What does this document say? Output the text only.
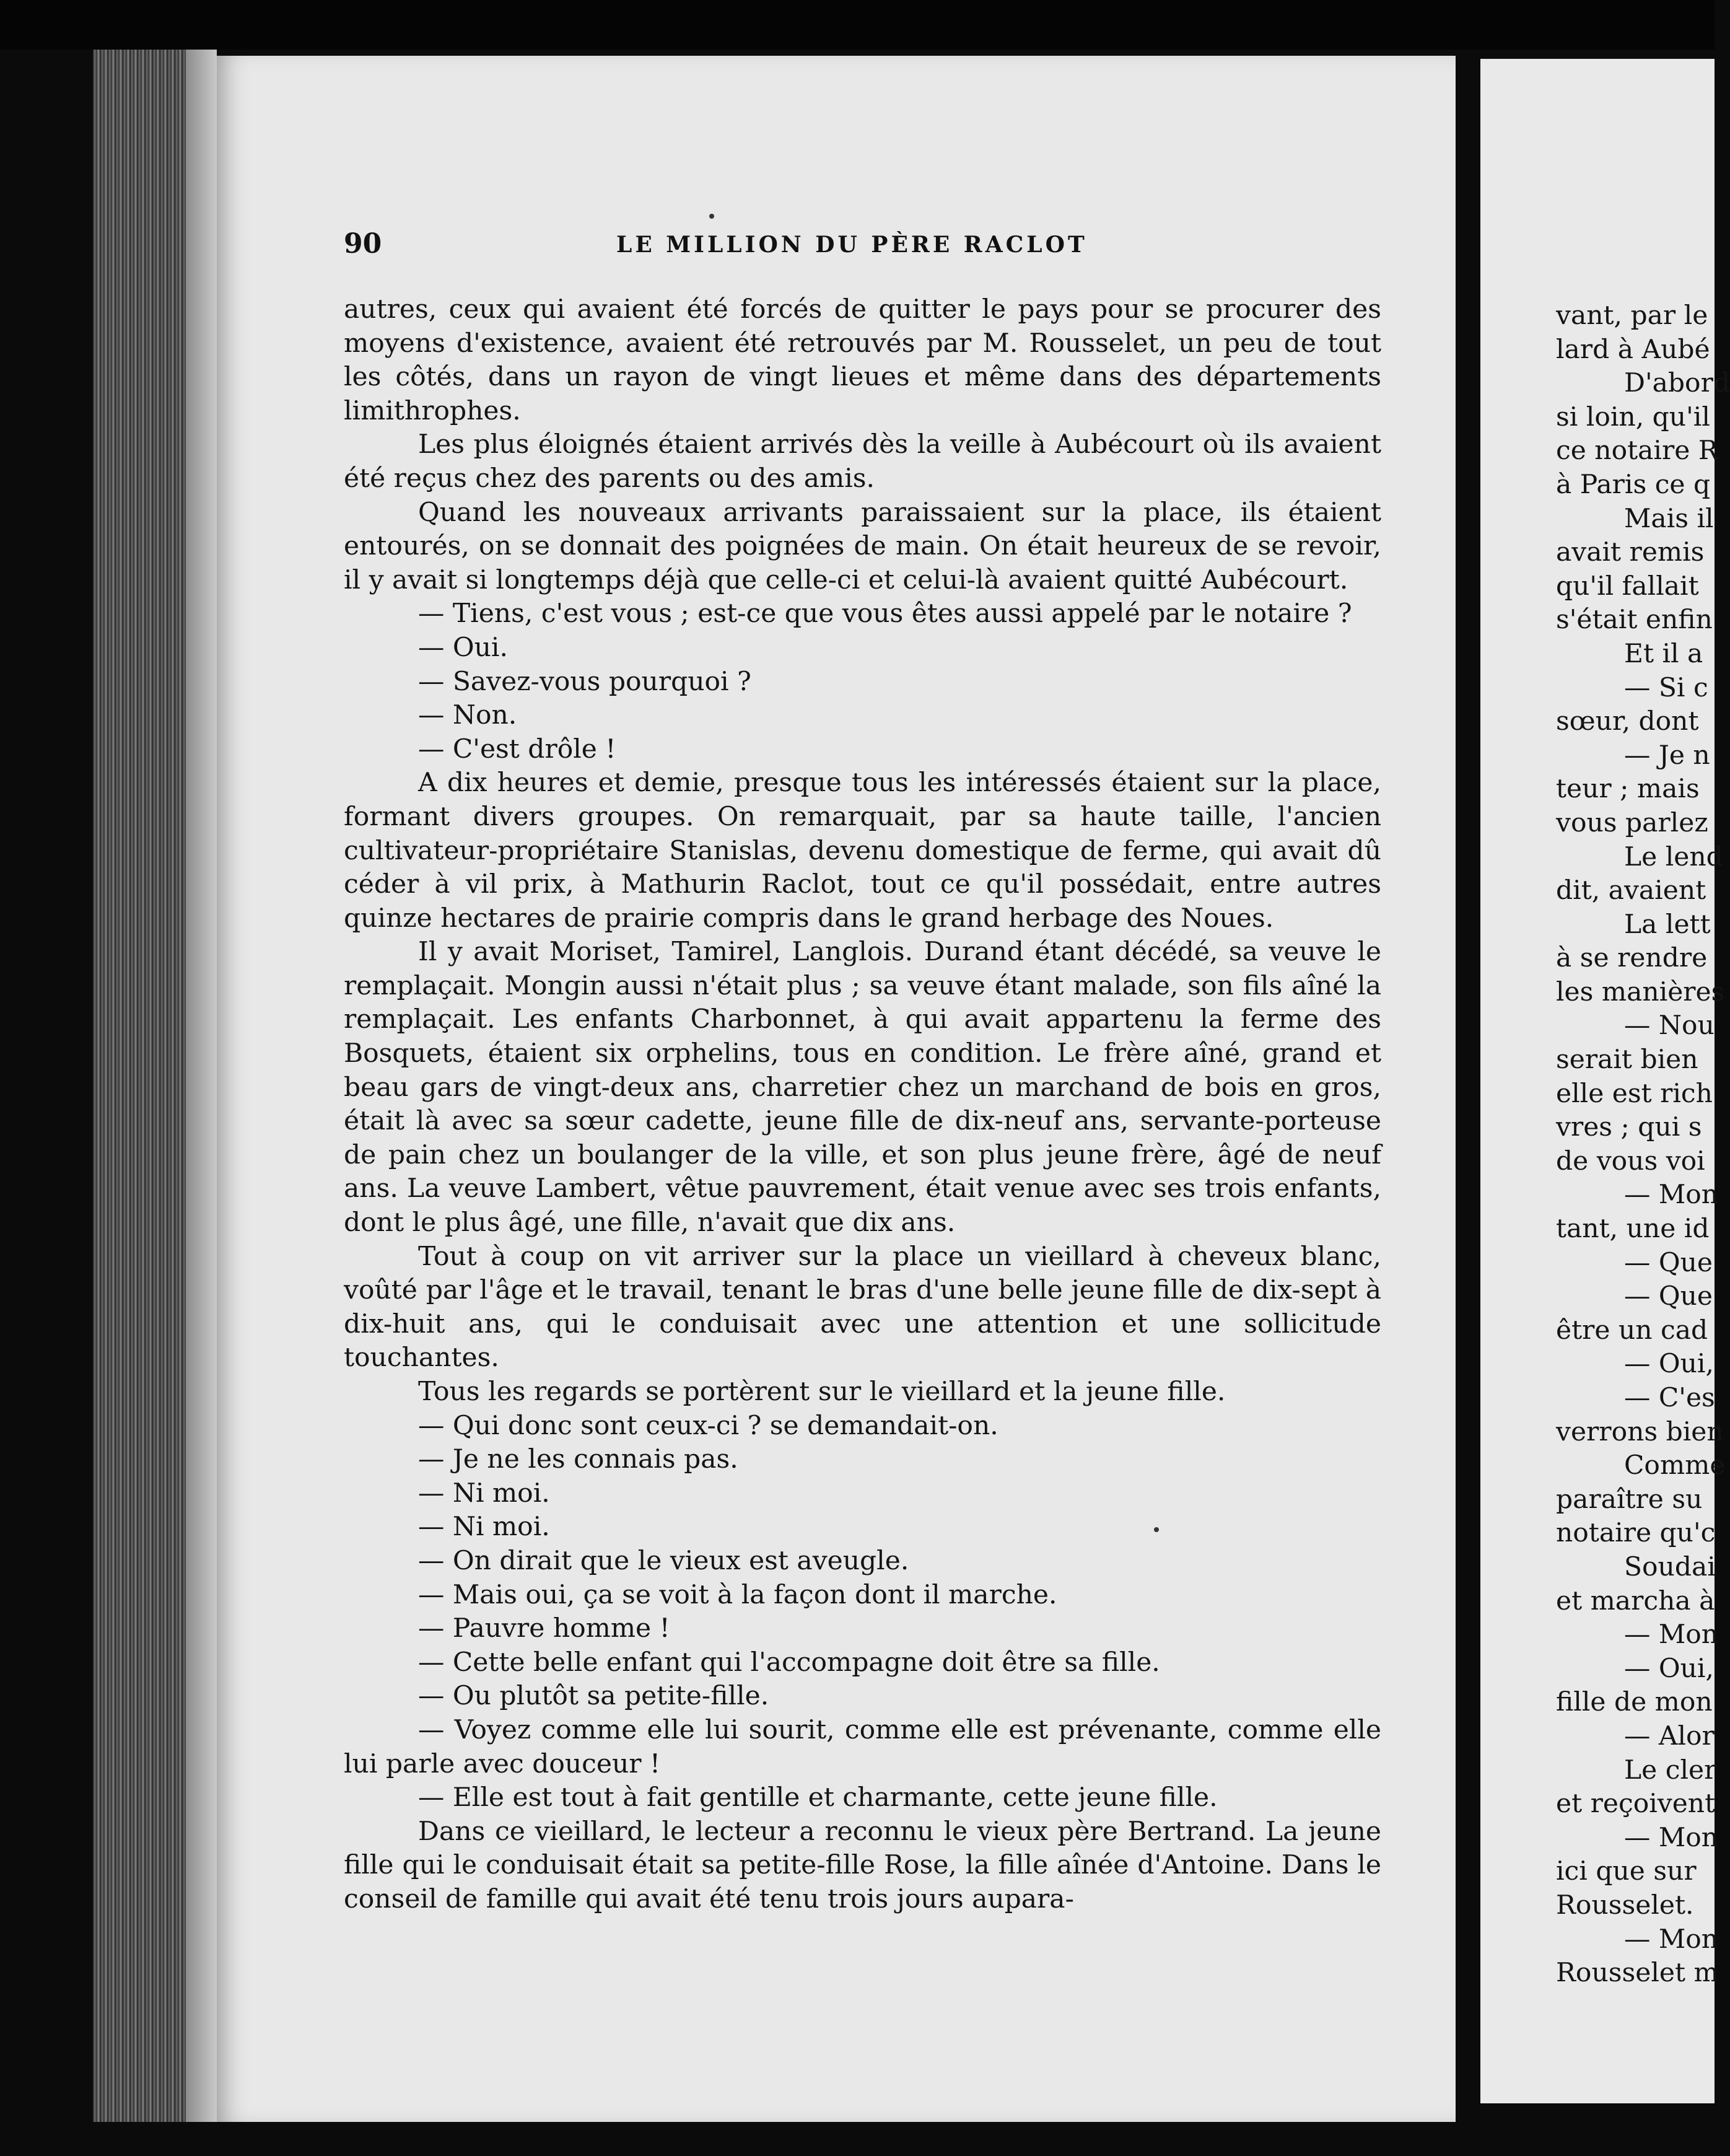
90	LE MILLION DU PÈRE RACLOT

autres, ceux qui avaient été forcés de quitter le pays pour se procurer des moyens d'existence, avaient été retrouvés par M. Rousselet, un peu de tout les côtés, dans un rayon de vingt lieues et même dans des départements limithrophes.

Les plus éloignés étaient arrivés dès la veille à Aubécourt où ils avaient été reçus chez des parents ou des amis.

Quand les nouveaux arrivants paraissaient sur la place, ils étaient entourés, on se donnait des poignées de main. On était heureux de se revoir, il y avait si longtemps déjà que celle-ci et celui-là avaient quitté Aubécourt.

— Tiens, c'est vous ; est-ce que vous êtes aussi appelé par le notaire ?

— Oui.

— Savez-vous pourquoi ?

— Non.

— C'est drôle !

A dix heures et demie, presque tous les intéressés étaient sur la place, formant divers groupes. On remarquait, par sa haute taille, l'ancien cultivateur-propriétaire Stanislas, devenu domestique de ferme, qui avait dû céder à vil prix, à Mathurin Raclot, tout ce qu'il possédait, entre autres quinze hectares de prairie compris dans le grand herbage des Noues.

Il y avait Moriset, Tamirel, Langlois. Durand étant décédé, sa veuve le remplaçait. Mongin aussi n'était plus ; sa veuve étant malade, son fils aîné la remplaçait. Les enfants Charbonnet, à qui avait appartenu la ferme des Bosquets, étaient six orphelins, tous en condition. Le frère aîné, grand et beau gars de vingt-deux ans, charretier chez un marchand de bois en gros, était là avec sa sœur cadette, jeune fille de dix-neuf ans, servante-porteuse de pain chez un boulanger de la ville, et son plus jeune frère, âgé de neuf ans. La veuve Lambert, vêtue pauvrement, était venue avec ses trois enfants, dont le plus âgé, une fille, n'avait que dix ans.

Tout à coup on vit arriver sur la place un vieillard à cheveux blanc, voûté par l'âge et le travail, tenant le bras d'une belle jeune fille de dix-sept à dix-huit ans, qui le conduisait avec une attention et une sollicitude touchantes.

Tous les regards se portèrent sur le vieillard et la jeune fille.

— Qui donc sont ceux-ci ? se demandait-on.

— Je ne les connais pas.

— Ni moi.

— Ni moi.

— On dirait que le vieux est aveugle.

— Mais oui, ça se voit à la façon dont il marche.

— Pauvre homme !

— Cette belle enfant qui l'accompagne doit être sa fille.

— Ou plutôt sa petite-fille.

— Voyez comme elle lui sourit, comme elle est prévenante, comme elle lui parle avec douceur !

— Elle est tout à fait gentille et charmante, cette jeune fille.

Dans ce vieillard, le lecteur a reconnu le vieux père Bertrand. La jeune fille qui le conduisait était sa petite-fille Rose, la fille aînée d'Antoine. Dans le conseil de famille qui avait été tenu trois jours aupara-

vant, par le
lard à Aubé
D'abord
si loin, qu'il
ce notaire R
à Paris ce q
Mais il
avait remis
qu'il fallait
s'était enfin
Et il a
— Si c
sœur, dont
— Je n
teur ; mais
vous parlez
Le lend
dit, avaient
La lett
à se rendre
les manières
— Nou
serait bien
elle est rich
vres ; qui s
de vous voi
— Mon
tant, une id
— Que
— Que
être un cad
— Oui,
— C'es
verrons bien
Comme
paraître su
notaire qu'c
Soudai
et marcha à
— Mon
— Oui,
fille de mon
— Alor
Le cler
et reçoivent
— Mon
ici que sur
Rousselet.
— Mon
Rousselet m
